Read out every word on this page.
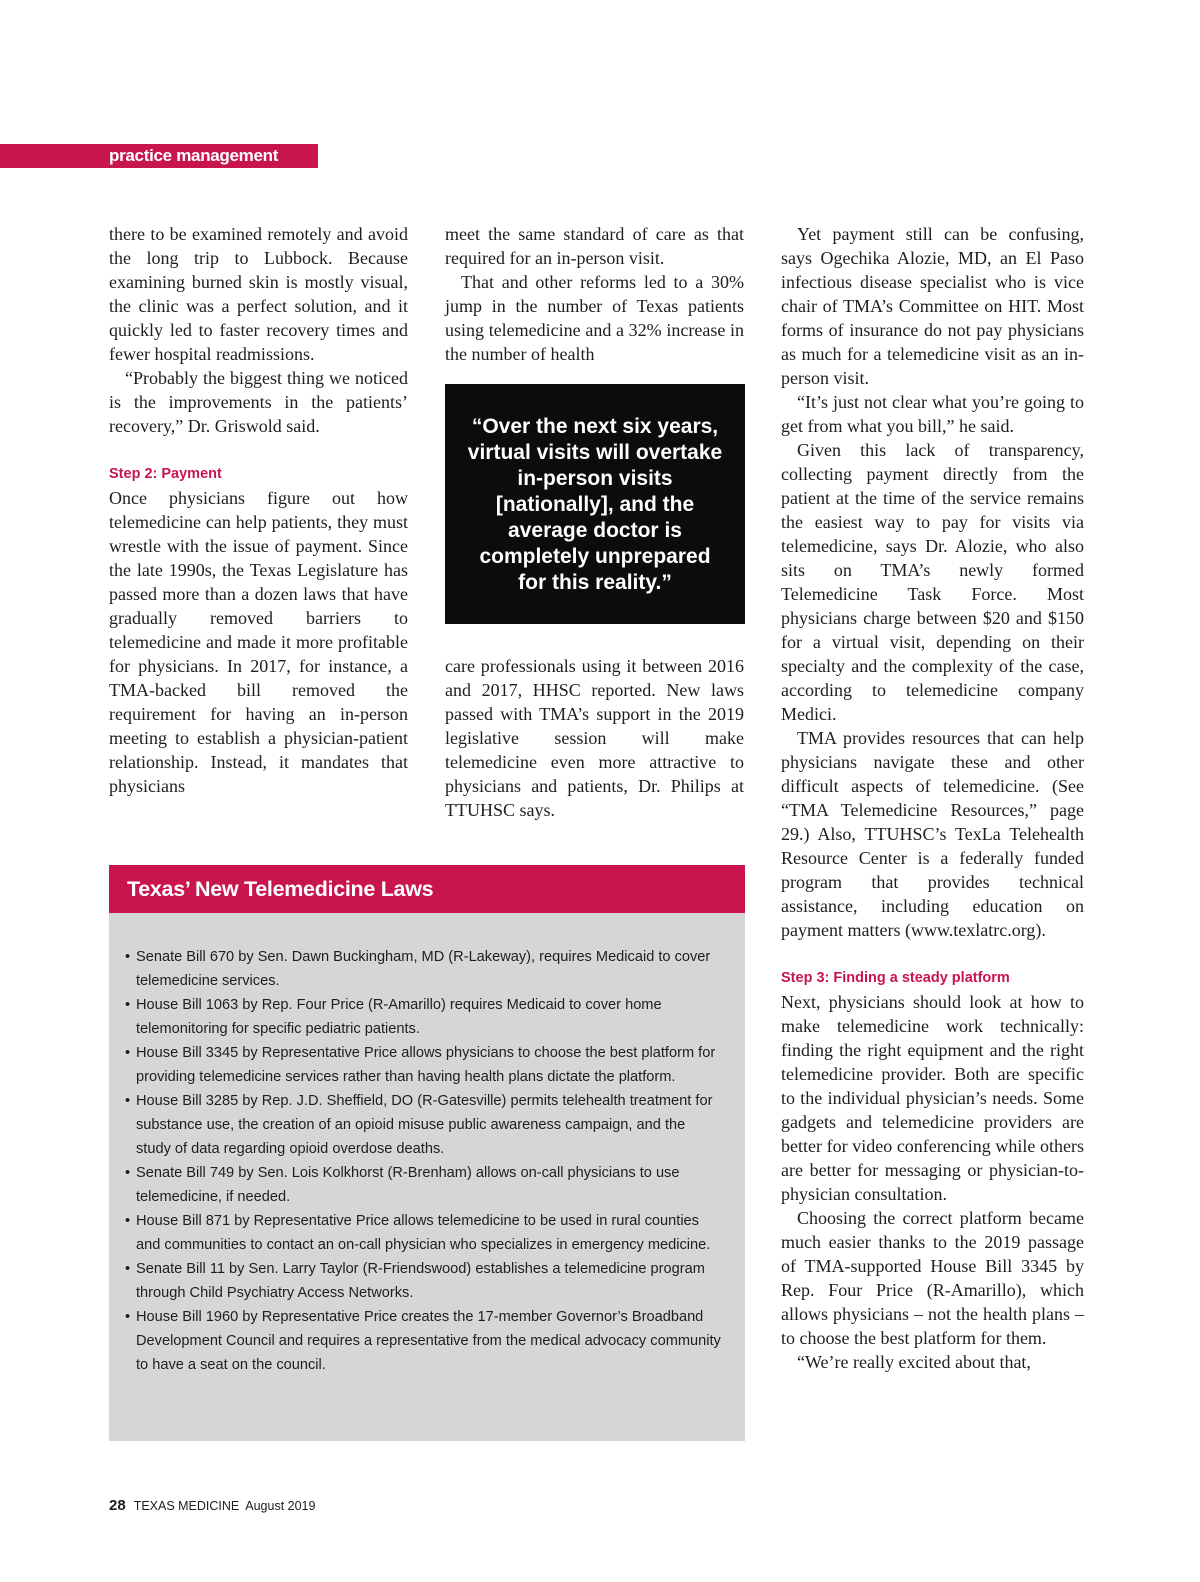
practice management

there to be examined remotely and avoid the long trip to Lubbock. Because examining burned skin is mostly visual, the clinic was a perfect solution, and it quickly led to faster recovery times and fewer hospital readmissions.

“Probably the biggest thing we noticed is the improvements in the patients’ recovery,” Dr. Griswold said.

Step 2: Payment

Once physicians figure out how telemedicine can help patients, they must wrestle with the issue of payment. Since the late 1990s, the Texas Legislature has passed more than a dozen laws that have gradually removed barriers to telemedicine and made it more profitable for physicians. In 2017, for instance, a TMA-backed bill removed the requirement for having an in-person meeting to establish a physician-patient relationship. Instead, it mandates that physicians

meet the same standard of care as that required for an in-person visit.

That and other reforms led to a 30% jump in the number of Texas patients using telemedicine and a 32% increase in the number of health

“Over the next six years, virtual visits will overtake in-person visits [nationally], and the average doctor is completely unprepared for this reality.”

care professionals using it between 2016 and 2017, HHSC reported. New laws passed with TMA’s support in the 2019 legislative session will make telemedicine even more attractive to physicians and patients, Dr. Philips at TTUHSC says.

Yet payment still can be confusing, says Ogechika Alozie, MD, an El Paso infectious disease specialist who is vice chair of TMA’s Committee on HIT. Most forms of insurance do not pay physicians as much for a telemedicine visit as an in-person visit.

“It’s just not clear what you’re going to get from what you bill,” he said.

Given this lack of transparency, collecting payment directly from the patient at the time of the service remains the easiest way to pay for visits via telemedicine, says Dr. Alozie, who also sits on TMA’s newly formed Telemedicine Task Force. Most physicians charge between $20 and $150 for a virtual visit, depending on their specialty and the complexity of the case, according to telemedicine company Medici.

TMA provides resources that can help physicians navigate these and other difficult aspects of telemedicine. (See “TMA Telemedicine Resources,” page 29.) Also, TTUHSC’s TexLa Telehealth Resource Center is a federally funded program that provides technical assistance, including education on payment matters (www.texlatrc.org).

Step 3: Finding a steady platform

Next, physicians should look at how to make telemedicine work technically: finding the right equipment and the right telemedicine provider. Both are specific to the individual physician’s needs. Some gadgets and telemedicine providers are better for video conferencing while others are better for messaging or physician-to-physician consultation.

Choosing the correct platform became much easier thanks to the 2019 passage of TMA-supported House Bill 3345 by Rep. Four Price (R-Amarillo), which allows physicians – not the health plans – to choose the best platform for them.

“We’re really excited about that,

Texas’ New Telemedicine Laws
• Senate Bill 670 by Sen. Dawn Buckingham, MD (R-Lakeway), requires Medicaid to cover telemedicine services.
• House Bill 1063 by Rep. Four Price (R-Amarillo) requires Medicaid to cover home telemonitoring for specific pediatric patients.
• House Bill 3345 by Representative Price allows physicians to choose the best platform for providing telemedicine services rather than having health plans dictate the platform.
• House Bill 3285 by Rep. J.D. Sheffield, DO (R-Gatesville) permits telehealth treatment for substance use, the creation of an opioid misuse public awareness campaign, and the study of data regarding opioid overdose deaths.
• Senate Bill 749 by Sen. Lois Kolkhorst (R-Brenham) allows on-call physicians to use telemedicine, if needed.
• House Bill 871 by Representative Price allows telemedicine to be used in rural counties and communities to contact an on-call physician who specializes in emergency medicine.
• Senate Bill 11 by Sen. Larry Taylor (R-Friendswood) establishes a telemedicine program through Child Psychiatry Access Networks.
• House Bill 1960 by Representative Price creates the 17-member Governor’s Broadband Development Council and requires a representative from the medical advocacy community to have a seat on the council.
28 TEXAS MEDICINE August 2019
